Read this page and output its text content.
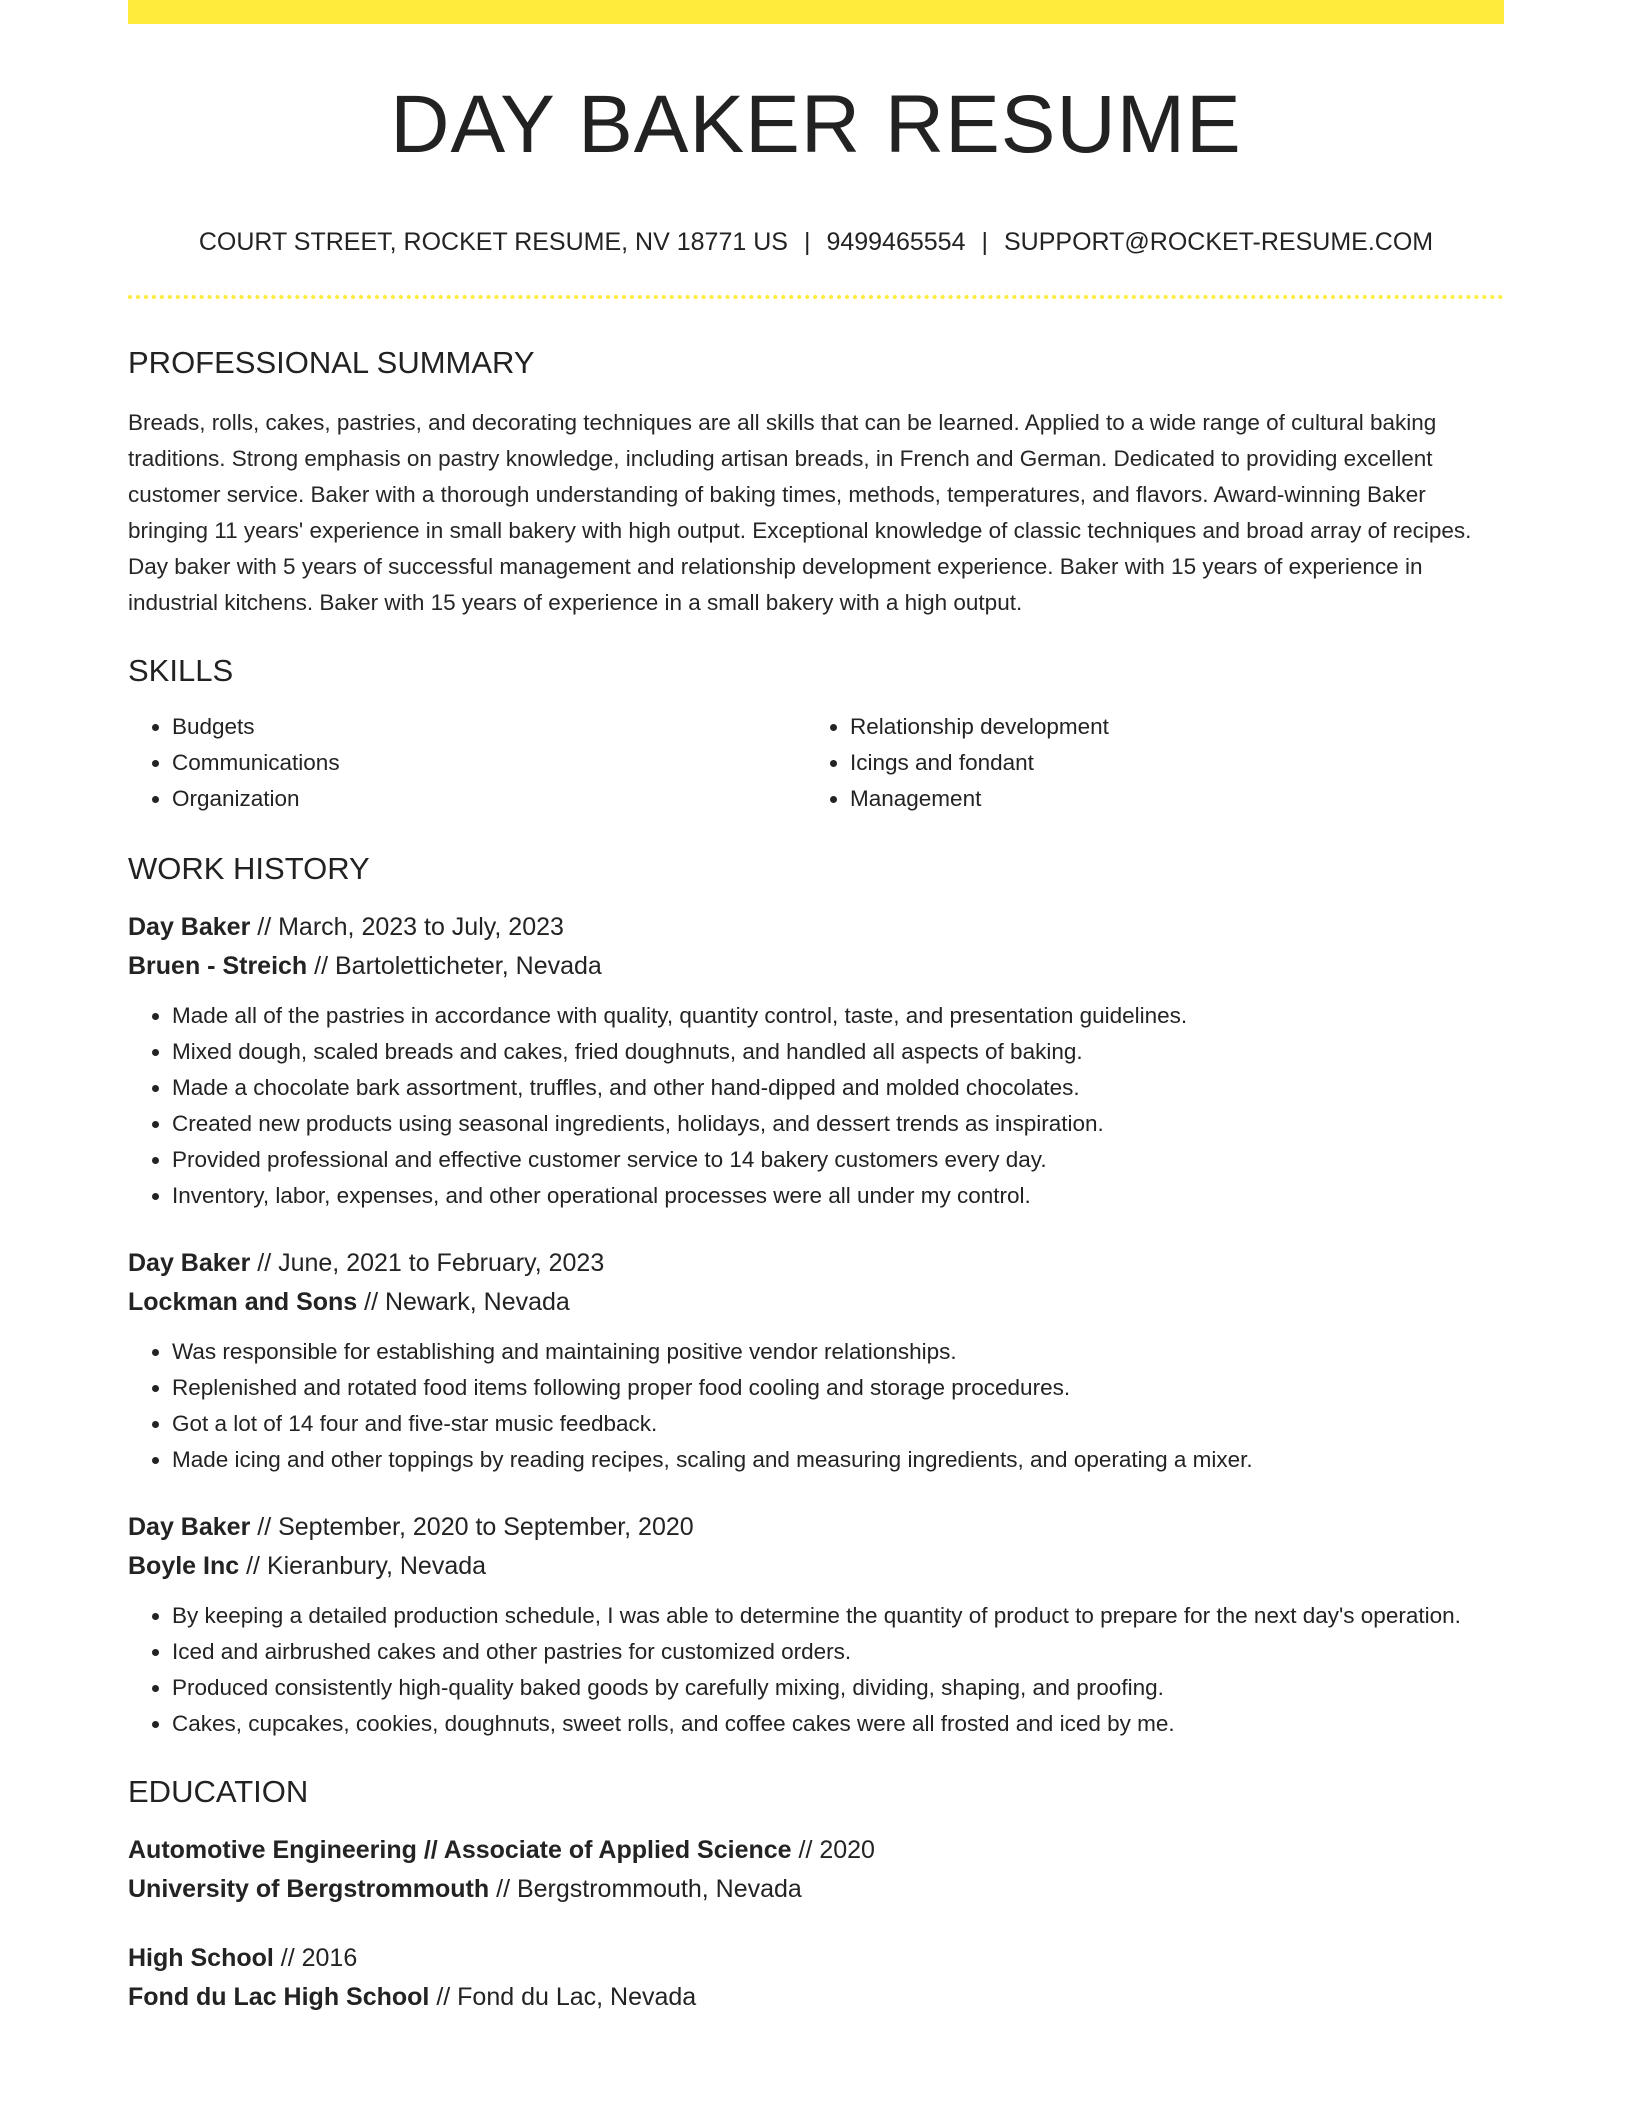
DAY BAKER RESUME
COURT STREET, ROCKET RESUME, NV 18771 US | 9499465554 | SUPPORT@ROCKET-RESUME.COM
PROFESSIONAL SUMMARY

Breads, rolls, cakes, pastries, and decorating techniques are all skills that can be learned. Applied to a wide range of cultural baking traditions. Strong emphasis on pastry knowledge, including artisan breads, in French and German. Dedicated to providing excellent customer service. Baker with a thorough understanding of baking times, methods, temperatures, and flavors. Award-winning Baker bringing 11 years' experience in small bakery with high output. Exceptional knowledge of classic techniques and broad array of recipes. Day baker with 5 years of successful management and relationship development experience. Baker with 15 years of experience in industrial kitchens. Baker with 15 years of experience in a small bakery with a high output.

SKILLS
• Budgets
• Communications
• Organization
• Relationship development
• Icings and fondant
• Management
WORK HISTORY
Day Baker // March, 2023 to July, 2023
Bruen - Streich // Bartoletticheter, Nevada
• Made all of the pastries in accordance with quality, quantity control, taste, and presentation guidelines.
• Mixed dough, scaled breads and cakes, fried doughnuts, and handled all aspects of baking.
• Made a chocolate bark assortment, truffles, and other hand-dipped and molded chocolates.
• Created new products using seasonal ingredients, holidays, and dessert trends as inspiration.
• Provided professional and effective customer service to 14 bakery customers every day.
• Inventory, labor, expenses, and other operational processes were all under my control.
Day Baker // June, 2021 to February, 2023
Lockman and Sons // Newark, Nevada
• Was responsible for establishing and maintaining positive vendor relationships.
• Replenished and rotated food items following proper food cooling and storage procedures.
• Got a lot of 14 four and five-star music feedback.
• Made icing and other toppings by reading recipes, scaling and measuring ingredients, and operating a mixer.
Day Baker // September, 2020 to September, 2020
Boyle Inc // Kieranbury, Nevada
• By keeping a detailed production schedule, I was able to determine the quantity of product to prepare for the next day's operation.
• Iced and airbrushed cakes and other pastries for customized orders.
• Produced consistently high-quality baked goods by carefully mixing, dividing, shaping, and proofing.
• Cakes, cupcakes, cookies, doughnuts, sweet rolls, and coffee cakes were all frosted and iced by me.
EDUCATION
Automotive Engineering // Associate of Applied Science // 2020
University of Bergstrommouth // Bergstrommouth, Nevada
High School // 2016
Fond du Lac High School // Fond du Lac, Nevada
